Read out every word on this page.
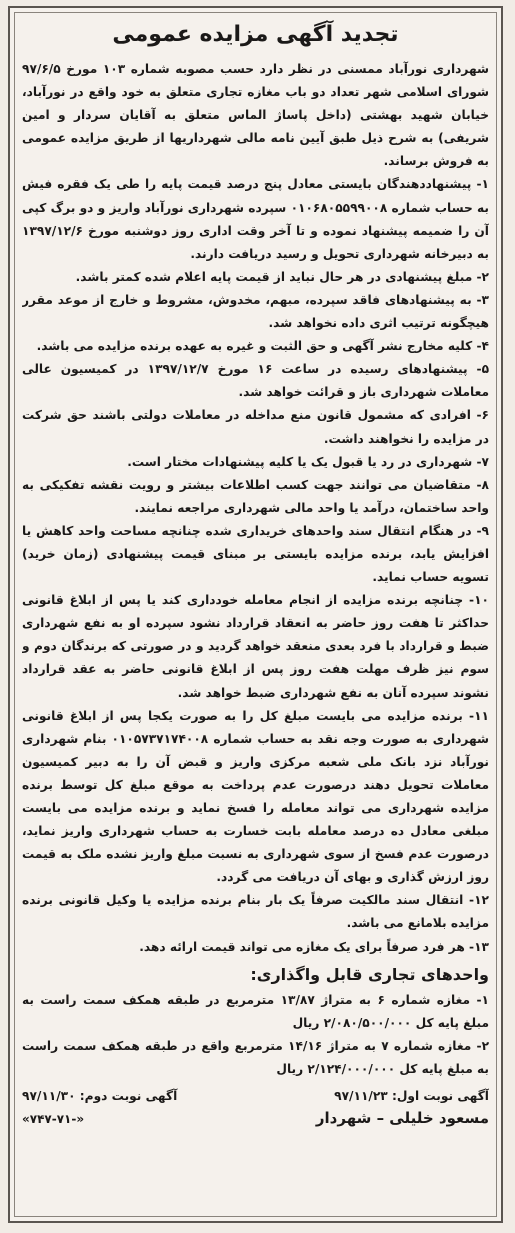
تجدید آگهی مزایده عمومی

شهرداری نورآباد ممسنی در نظر دارد حسب مصوبه شماره ۱۰۳ مورخ ۹۷/۶/۵ شورای اسلامی شهر تعداد دو باب مغازه تجاری متعلق به خود واقع در نورآباد، خیابان شهید بهشتی (داخل پاساژ الماس متعلق به آقایان سردار و امین شریفی) به شرح ذیل طبق آیین نامه مالی شهرداریها از طریق مزایده عمومی به فروش برساند.

۱- پیشنهاددهندگان بایستی معادل پنج درصد قیمت پایه را طی یک فقره فیش به حساب شماره ۰۱۰۶۸۰۵۵۹۹۰۰۸ سپرده شهرداری نورآباد واریز و دو برگ کپی آن را ضمیمه پیشنهاد نموده و تا آخر وقت اداری روز دوشنبه مورخ ۱۳۹۷/۱۲/۶ به دبیرخانه شهرداری تحویل و رسید دریافت دارند.

۲- مبلغ پیشنهادی در هر حال نباید از قیمت پایه اعلام شده کمتر باشد.

۳- به پیشنهادهای فاقد سپرده، مبهم، مخدوش، مشروط و خارج از موعد مقرر هیچگونه ترتیب اثری داده نخواهد شد.

۴- کلیه مخارج نشر آگهی و حق الثبت و غیره به عهده برنده مزایده می باشد.

۵- پیشنهادهای رسیده در ساعت ۱۶ مورخ ۱۳۹۷/۱۲/۷ در کمیسیون عالی معاملات شهرداری باز و قرائت خواهد شد.

۶- افرادی که مشمول قانون منع مداخله در معاملات دولتی باشند حق شرکت در مزایده را نخواهند داشت.

۷- شهرداری در رد یا قبول یک یا کلیه پیشنهادات مختار است.

۸- متقاضیان می توانند جهت کسب اطلاعات بیشتر و رویت نقشه تفکیکی به واحد ساختمان، درآمد یا واحد مالی شهرداری مراجعه نمایند.

۹- در هنگام انتقال سند واحدهای خریداری شده چنانچه مساحت واحد کاهش یا افزایش یابد، برنده مزایده بایستی بر مبنای قیمت پیشنهادی (زمان خرید) تسویه حساب نماید.

۱۰- چنانچه برنده مزایده از انجام معامله خودداری کند یا پس از ابلاغ قانونی حداکثر تا هفت روز حاضر به انعقاد قرارداد نشود سپرده او به نفع شهرداری ضبط و قرارداد با فرد بعدی منعقد خواهد گردید و در صورتی که برندگان دوم و سوم نیز ظرف مهلت هفت روز پس از ابلاغ قانونی حاضر به عقد قرارداد نشوند سپرده آنان به نفع شهرداری ضبط خواهد شد.

۱۱- برنده مزایده می بایست مبلغ کل را به صورت یکجا پس از ابلاغ قانونی شهرداری به صورت وجه نقد به حساب شماره ۰۱۰۵۷۳۷۱۷۴۰۰۸ بنام شهرداری نورآباد نزد بانک ملی شعبه مرکزی واریز و قبض آن را به دبیر کمیسیون معاملات تحویل دهند درصورت عدم پرداخت به موقع مبلغ کل توسط برنده مزایده شهرداری می تواند معامله را فسخ نماید و برنده مزایده می بایست مبلغی معادل ده درصد معامله بابت خسارت به حساب شهرداری واریز نماید، درصورت عدم فسخ از سوی شهرداری به نسبت مبلغ واریز نشده ملک به قیمت روز ارزش گذاری و بهای آن دریافت می گردد.

۱۲- انتقال سند مالکیت صرفاً یک بار بنام برنده مزایده یا وکیل قانونی برنده مزایده بلامانع می باشد.

۱۳- هر فرد صرفاً برای یک مغازه می تواند قیمت ارائه دهد.

واحدهای تجاری قابل واگذاری:

۱- مغازه شماره ۶ به متراژ ۱۳/۸۷ مترمربع در طبقه همکف سمت راست به مبلغ پایه کل ۲/۰۸۰/۵۰۰/۰۰۰ ریال

۲- مغازه شماره ۷ به متراژ ۱۴/۱۶ مترمربع واقع در طبقه همکف سمت راست به مبلغ پایه کل ۲/۱۲۴/۰۰۰/۰۰۰ ریال

آگهی نوبت اول: ۹۷/۱۱/۲۳
آگهی نوبت دوم: ۹۷/۱۱/۳۰
مسعود خلیلی – شهردار
«۷۴۷-۷۱-»
